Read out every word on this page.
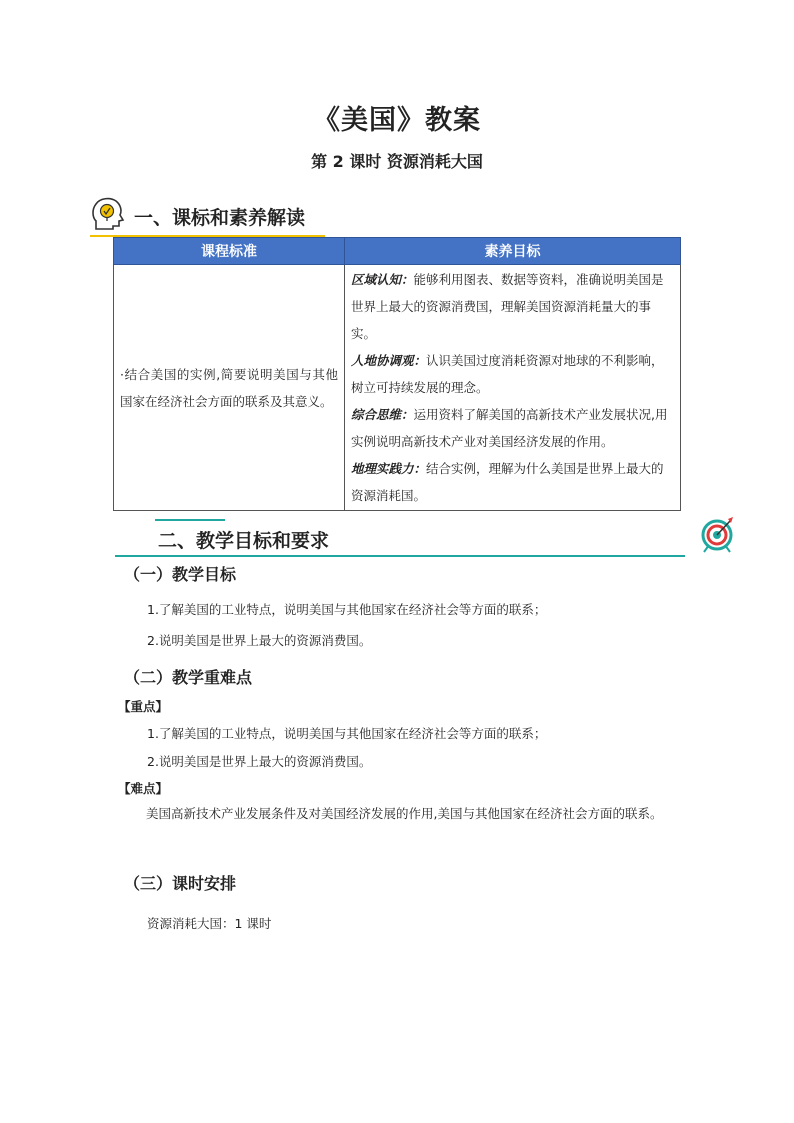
《美国》教案
第 2 课时 资源消耗大国
一、课标和素养解读
课程标准	素养目标
·结合美国的实例,简要说明美国与其他国家在经济社会方面的联系及其意义。	区域认知：能够利用图表、数据等资料，准确说明美国是世界上最大的资源消费国，理解美国资源消耗量大的事实。
人地协调观：认识美国过度消耗资源对地球的不利影响，树立可持续发展的理念。
综合思维：运用资料了解美国的高新技术产业发展状况,用实例说明高新技术产业对美国经济发展的作用。
地理实践力：结合实例，理解为什么美国是世界上最大的资源消耗国。
二、教学目标和要求
（一）教学目标
1.了解美国的工业特点，说明美国与其他国家在经济社会等方面的联系；
2.说明美国是世界上最大的资源消费国。
（二）教学重难点
【重点】
1.了解美国的工业特点，说明美国与其他国家在经济社会等方面的联系；
2.说明美国是世界上最大的资源消费国。
【难点】
美国高新技术产业发展条件及对美国经济发展的作用,美国与其他国家在经济社会方面的联系。
（三）课时安排
资源消耗大国：1 课时
